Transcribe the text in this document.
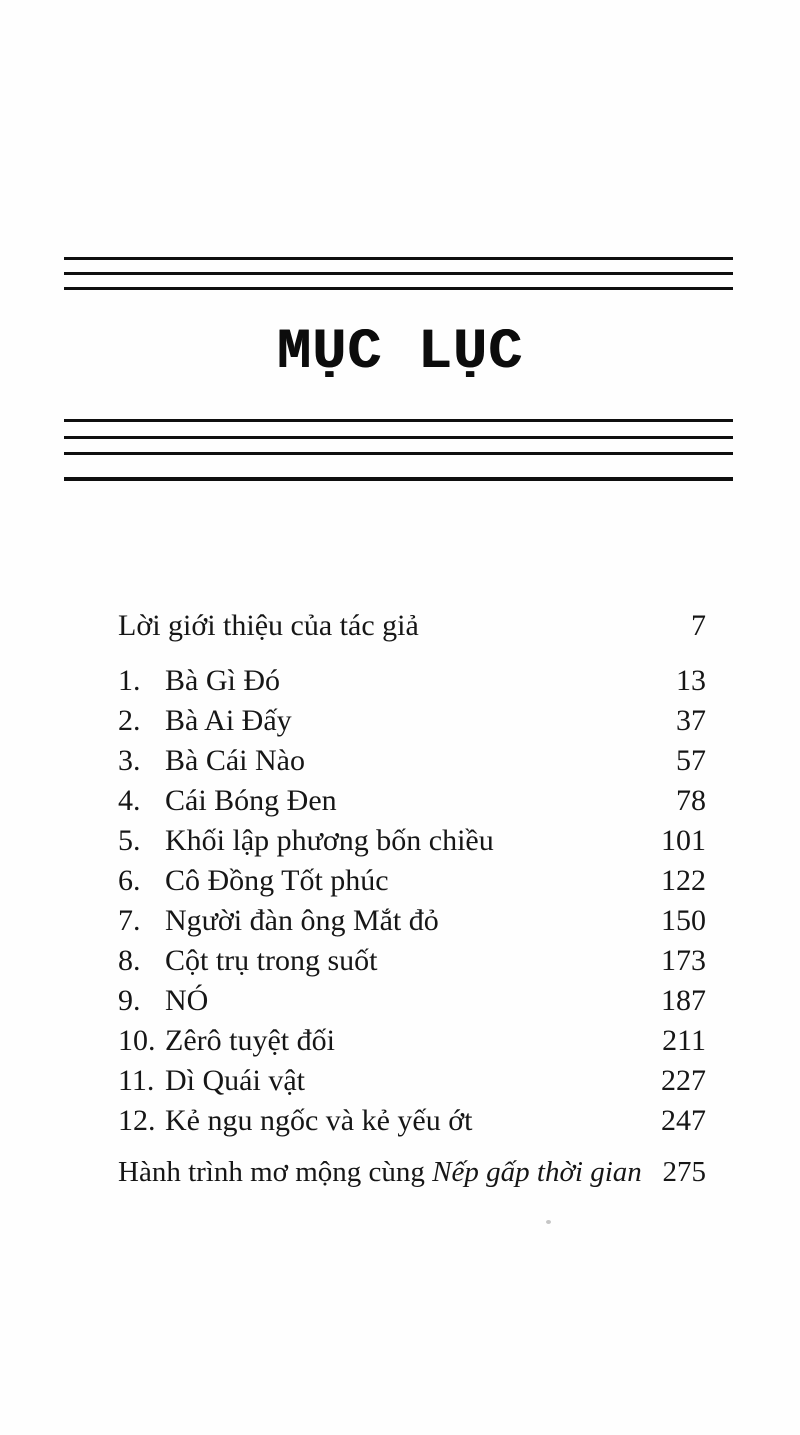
MỤC LỤC
Lời giới thiệu của tác giả	7
1. Bà Gì Đó	13
2. Bà Ai Đấy	37
3. Bà Cái Nào	57
4. Cái Bóng Đen	78
5. Khối lập phương bốn chiều	101
6. Cô Đồng Tốt phúc	122
7. Người đàn ông Mắt đỏ	150
8. Cột trụ trong suốt	173
9. NÓ	187
10. Zêrô tuyệt đối	211
11. Dì Quái vật	227
12. Kẻ ngu ngốc và kẻ yếu ớt	247
Hành trình mơ mộng cùng Nếp gấp thời gian 275
